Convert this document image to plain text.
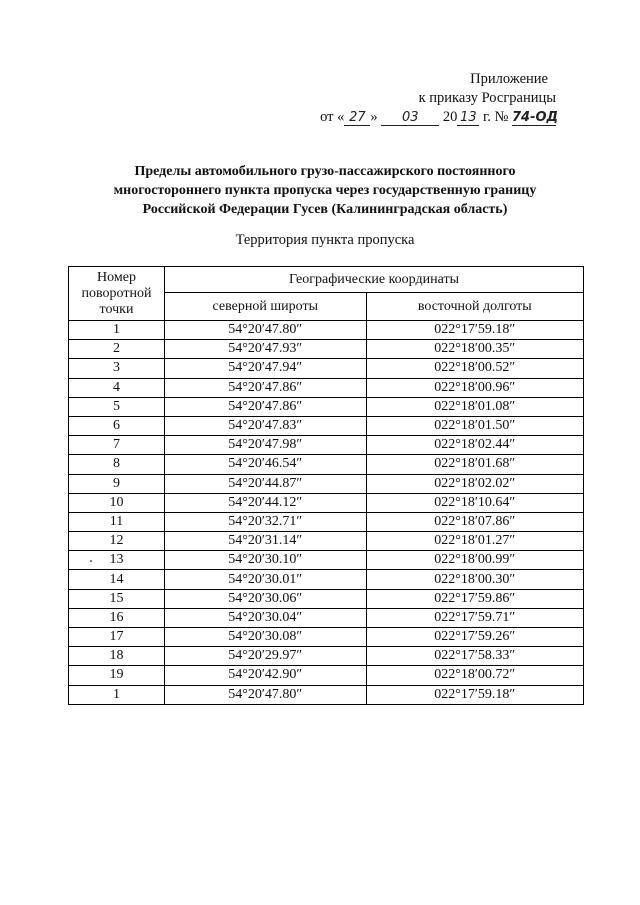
Приложение
к приказу Росграницы
от « 27 » 03 20 13 г. № 74-ОД
Пределы автомобильного грузо-пассажирского постоянного
многостороннего пункта пропуска через государственную границу
Российской Федерации Гусев (Калининградская область)
Территория пункта пропуска
Номер поворотной точки	Географические координаты	
	северной широты	восточной долготы
1	54°20′47.80″	022°17′59.18″
2	54°20′47.93″	022°18′00.35″
3	54°20′47.94″	022°18′00.52″
4	54°20′47.86″	022°18′00.96″
5	54°20′47.86″	022°18′01.08″
6	54°20′47.83″	022°18′01.50″
7	54°20′47.98″	022°18′02.44″
8	54°20′46.54″	022°18′01.68″
9	54°20′44.87″	022°18′02.02″
10	54°20′44.12″	022°18′10.64″
11	54°20′32.71″	022°18′07.86″
12	54°20′31.14″	022°18′01.27″
13	54°20′30.10″	022°18′00.99″
14	54°20′30.01″	022°18′00.30″
15	54°20′30.06″	022°17′59.86″
16	54°20′30.04″	022°17′59.71″
17	54°20′30.08″	022°17′59.26″
18	54°20′29.97″	022°17′58.33″
19	54°20′42.90″	022°18′00.72″
1	54°20′47.80″	022°17′59.18″
